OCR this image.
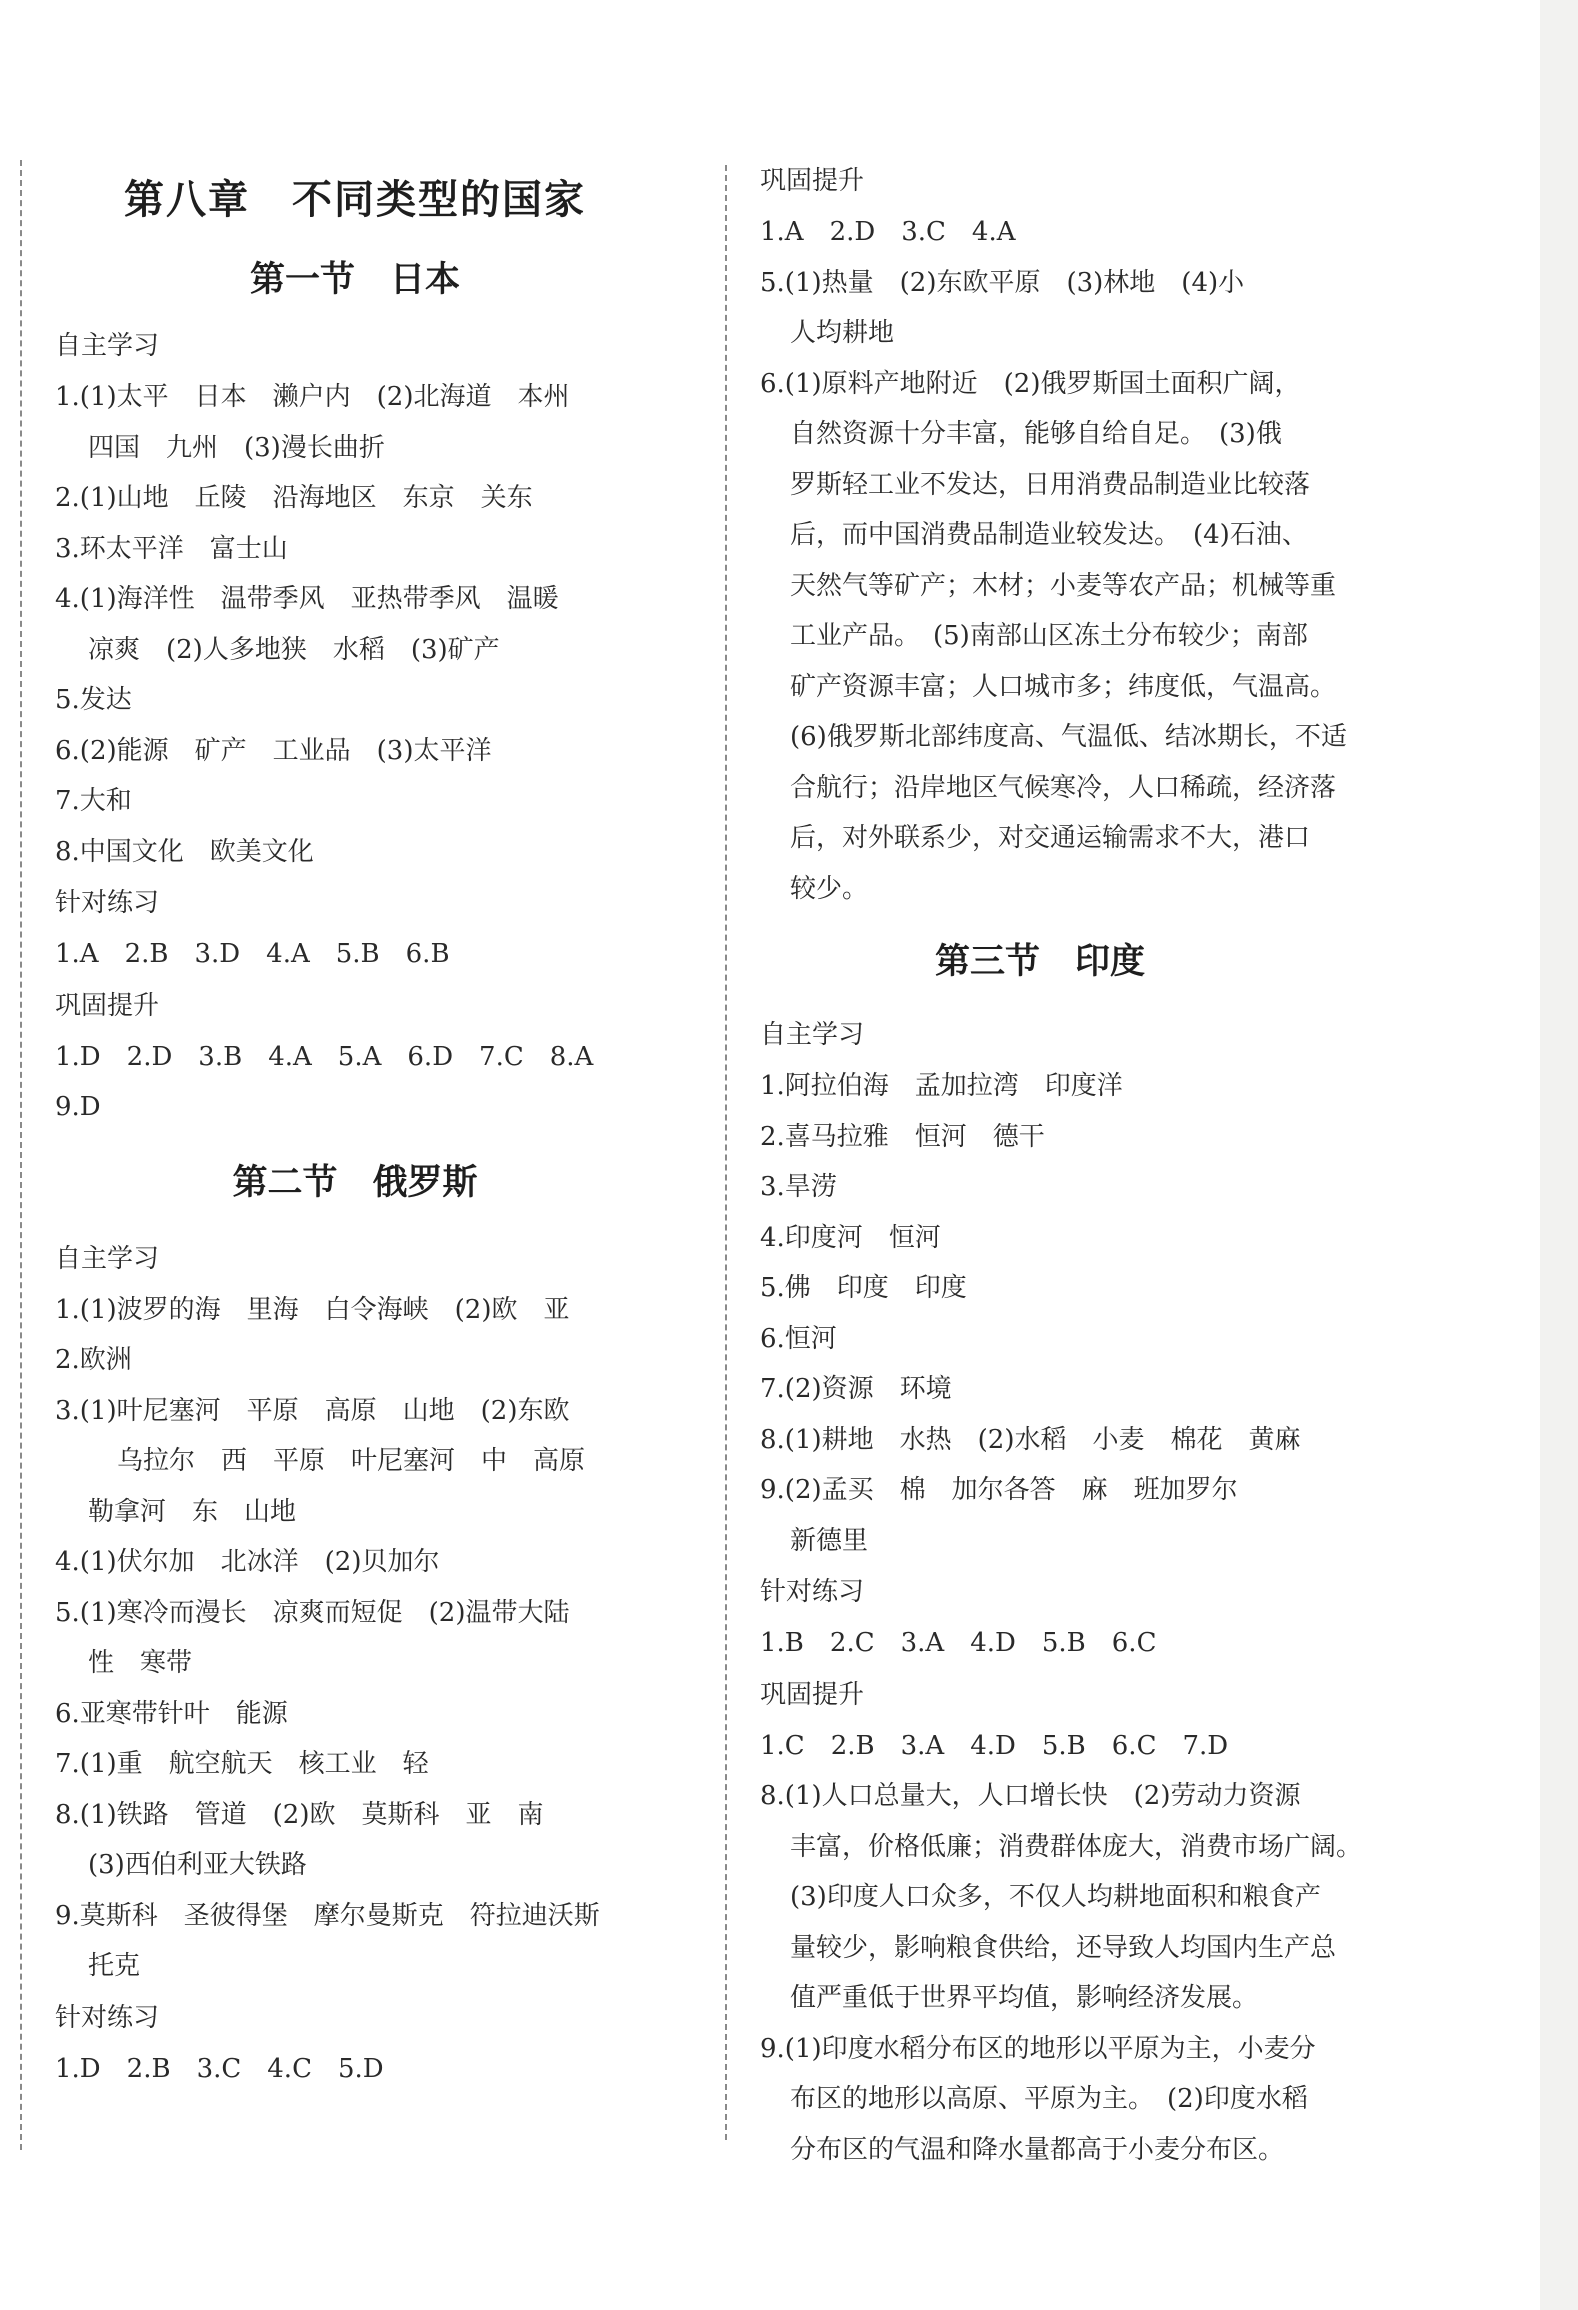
第八章　不同类型的国家
第一节　日本
自主学习
1.(1)太平　日本　濑户内　(2)北海道　本州
四国　九州　(3)漫长曲折
2.(1)山地　丘陵　沿海地区　东京　关东
3.环太平洋　富士山
4.(1)海洋性　温带季风　亚热带季风　温暖
凉爽　(2)人多地狭　水稻　(3)矿产
5.发达
6.(2)能源　矿产　工业品　(3)太平洋
7.大和
8.中国文化　欧美文化
针对练习
1.A　2.B　3.D　4.A　5.B　6.B
巩固提升
1.D　2.D　3.B　4.A　5.A　6.D　7.C　8.A
9.D
第二节　俄罗斯
自主学习
1.(1)波罗的海　里海　白令海峡　(2)欧　亚
2.欧洲
3.(1)叶尼塞河　平原　高原　山地　(2)东欧
乌拉尔　西　平原　叶尼塞河　中　高原
勒拿河　东　山地
4.(1)伏尔加　北冰洋　(2)贝加尔
5.(1)寒冷而漫长　凉爽而短促　(2)温带大陆
性　寒带
6.亚寒带针叶　能源
7.(1)重　航空航天　核工业　轻
8.(1)铁路　管道　(2)欧　莫斯科　亚　南
(3)西伯利亚大铁路
9.莫斯科　圣彼得堡　摩尔曼斯克　符拉迪沃斯
托克
针对练习
1.D　2.B　3.C　4.C　5.D
巩固提升
1.A　2.D　3.C　4.A
5.(1)热量　(2)东欧平原　(3)林地　(4)小
人均耕地
6.(1)原料产地附近　(2)俄罗斯国土面积广阔，
自然资源十分丰富，能够自给自足。　(3)俄
罗斯轻工业不发达，日用消费品制造业比较落
后，而中国消费品制造业较发达。　(4)石油、
天然气等矿产；木材；小麦等农产品；机械等重
工业产品。　(5)南部山区冻土分布较少；南部
矿产资源丰富；人口城市多；纬度低，气温高。
(6)俄罗斯北部纬度高、气温低、结冰期长，不适
合航行；沿岸地区气候寒冷，人口稀疏，经济落
后，对外联系少，对交通运输需求不大，港口
较少。
第三节　印度
自主学习
1.阿拉伯海　孟加拉湾　印度洋
2.喜马拉雅　恒河　德干
3.旱涝
4.印度河　恒河
5.佛　印度　印度
6.恒河
7.(2)资源　环境
8.(1)耕地　水热　(2)水稻　小麦　棉花　黄麻
9.(2)孟买　棉　加尔各答　麻　班加罗尔
新德里
针对练习
1.B　2.C　3.A　4.D　5.B　6.C
巩固提升
1.C　2.B　3.A　4.D　5.B　6.C　7.D
8.(1)人口总量大，人口增长快　(2)劳动力资源
丰富，价格低廉；消费群体庞大，消费市场广阔。
(3)印度人口众多，不仅人均耕地面积和粮食产
量较少，影响粮食供给，还导致人均国内生产总
值严重低于世界平均值，影响经济发展。
9.(1)印度水稻分布区的地形以平原为主，小麦分
布区的地形以高原、平原为主。　(2)印度水稻
分布区的气温和降水量都高于小麦分布区。
